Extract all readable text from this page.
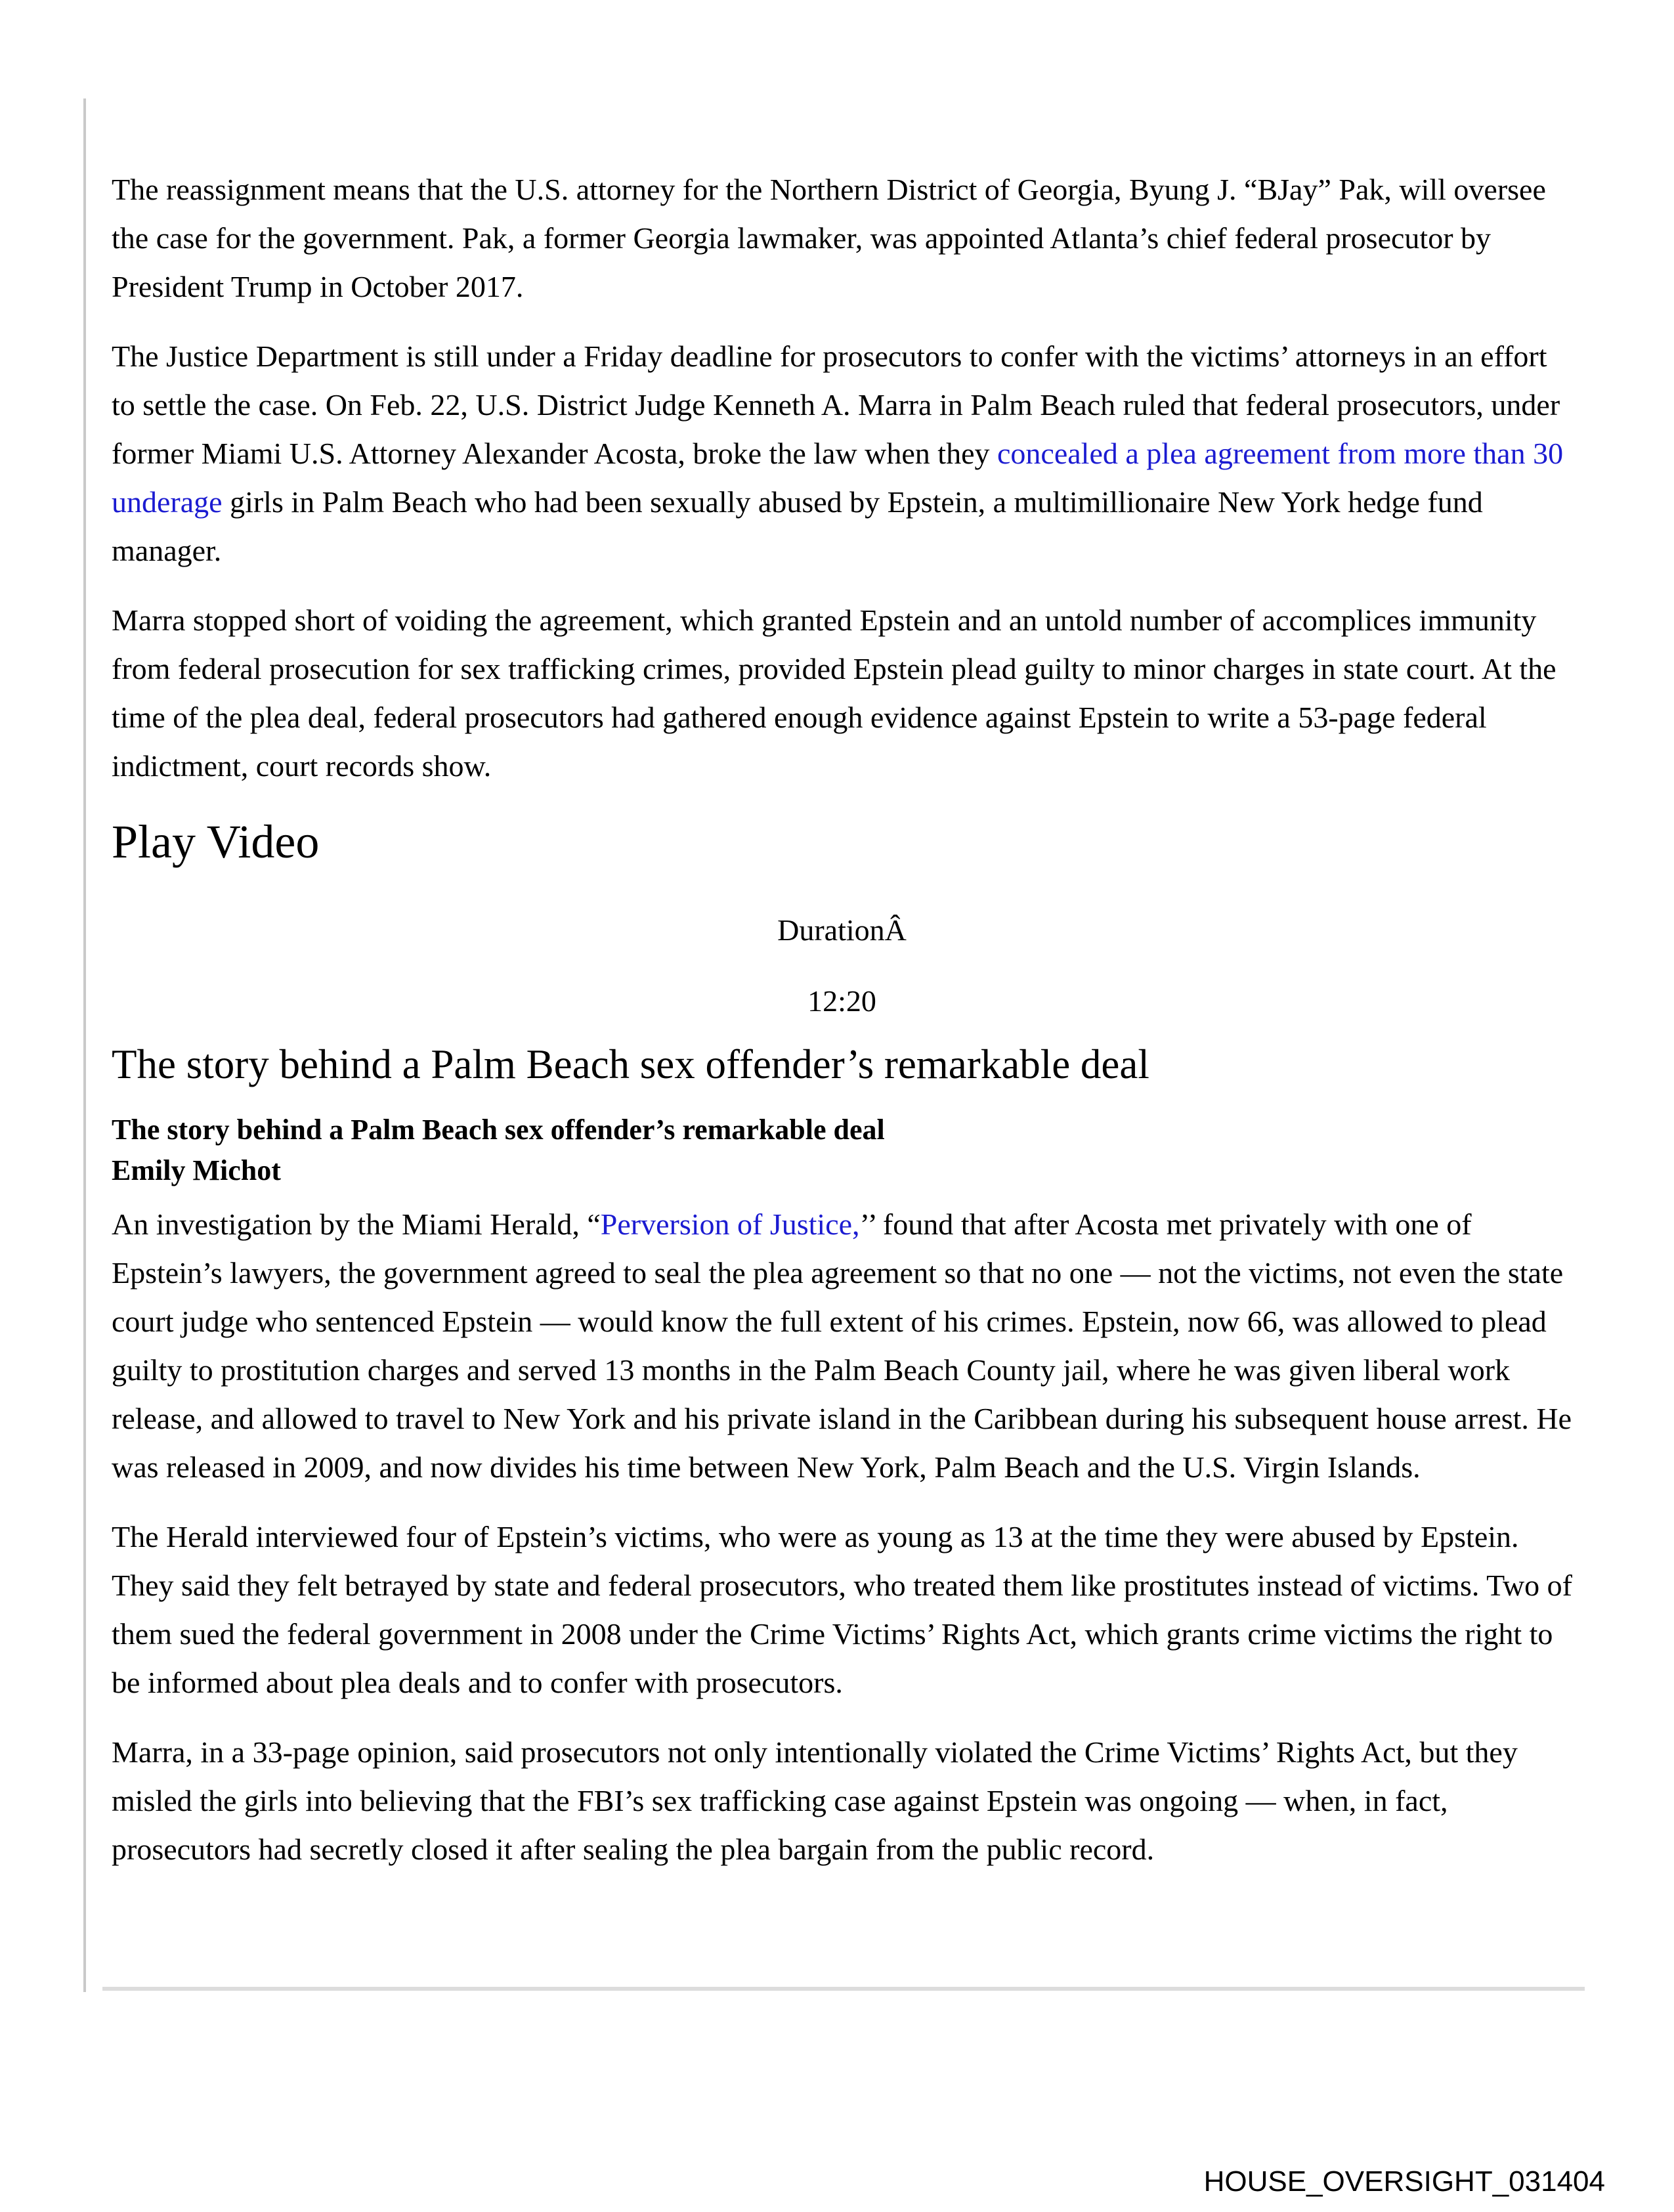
The reassignment means that the U.S. attorney for the Northern District of Georgia, Byung J. “BJay” Pak, will oversee the case for the government. Pak, a former Georgia lawmaker, was appointed Atlanta’s chief federal prosecutor by President Trump in October 2017.

The Justice Department is still under a Friday deadline for prosecutors to confer with the victims’ attorneys in an effort to settle the case. On Feb. 22, U.S. District Judge Kenneth A. Marra in Palm Beach ruled that federal prosecutors, under former Miami U.S. Attorney Alexander Acosta, broke the law when they concealed a plea agreement from more than 30 underage girls in Palm Beach who had been sexually abused by Epstein, a multimillionaire New York hedge fund manager.

Marra stopped short of voiding the agreement, which granted Epstein and an untold number of accomplices immunity from federal prosecution for sex trafficking crimes, provided Epstein plead guilty to minor charges in state court. At the time of the plea deal, federal prosecutors had gathered enough evidence against Epstein to write a 53-page federal indictment, court records show.

Play Video

DurationÂ

12:20

The story behind a Palm Beach sex offender’s remarkable deal
The story behind a Palm Beach sex offender’s remarkable deal
Emily Michot

An investigation by the Miami Herald, “Perversion of Justice,’’ found that after Acosta met privately with one of Epstein’s lawyers, the government agreed to seal the plea agreement so that no one — not the victims, not even the state court judge who sentenced Epstein — would know the full extent of his crimes. Epstein, now 66, was allowed to plead guilty to prostitution charges and served 13 months in the Palm Beach County jail, where he was given liberal work release, and allowed to travel to New York and his private island in the Caribbean during his subsequent house arrest. He was released in 2009, and now divides his time between New York, Palm Beach and the U.S. Virgin Islands.

The Herald interviewed four of Epstein’s victims, who were as young as 13 at the time they were abused by Epstein. They said they felt betrayed by state and federal prosecutors, who treated them like prostitutes instead of victims. Two of them sued the federal government in 2008 under the Crime Victims’ Rights Act, which grants crime victims the right to be informed about plea deals and to confer with prosecutors.

Marra, in a 33-page opinion, said prosecutors not only intentionally violated the Crime Victims’ Rights Act, but they misled the girls into believing that the FBI’s sex trafficking case against Epstein was ongoing — when, in fact, prosecutors had secretly closed it after sealing the plea bargain from the public record.

HOUSE_OVERSIGHT_031404
